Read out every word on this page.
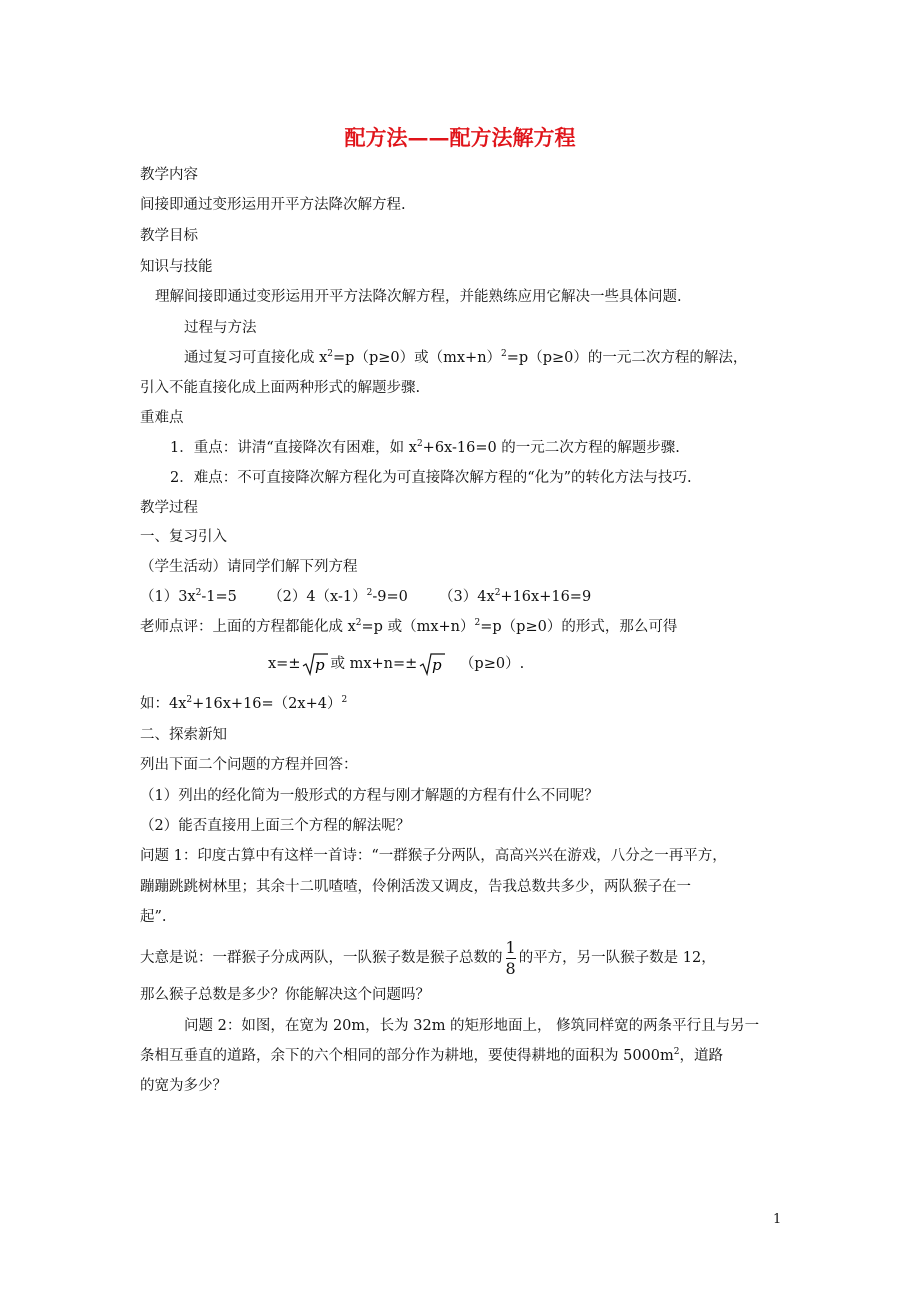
配方法——配方法解方程
教学内容
间接即通过变形运用开平方法降次解方程.
教学目标
知识与技能
理解间接即通过变形运用开平方法降次解方程，并能熟练应用它解决一些具体问题.
过程与方法
通过复习可直接化成 $x^2=p(p\ge 0)$或$(mx+n)^2=p(p\ge 0)$的一元二次方程的解法，
引入不能直接化成上面两种形式的解题步骤.
重难点
1．重点：讲清“直接降次有困难，如 $x^2+6x-16=0$ 的一元二次方程的解题步骤.
2．难点：不可直接降次解方程化为可直接降次解方程的“化为”的转化方法与技巧.
教学过程
一、复习引入
（学生活动）请同学们解下列方程
$(1)3x^2-1=5$ $(2)4(x-1)^2-9=0$ $(3)4x^2+16x+16=9$
老师点评：上面的方程都能化成 $x^2=p$ 或$(mx+n)^2=p(p\ge 0)$的形式，那么可得
x=± p 或 mx+n=± p （p≥0）.
如：$4x^2+16x+16=(2x+4)^2$
二、探索新知
列出下面二个问题的方程并回答：
（1）列出的经化简为一般形式的方程与刚才解题的方程有什么不同呢？
（2）能否直接用上面三个方程的解法呢？
问题 1：印度古算中有这样一首诗：“一群猴子分两队，高高兴兴在游戏，八分之一再平方，
蹦蹦跳跳树林里；其余十二叽喳喳，伶俐活泼又调皮，告我总数共多少，两队猴子在一
起”.
大意是说：一群猴子分成两队，一队猴子数是猴子总数的 $\frac{1}{8}$ 的平方，另一队猴子数是 12，
那么猴子总数是多少？你能解决这个问题吗？
问题 2：如图，在宽为 20m，长为 32m 的矩形地面上， 修筑同样宽的两条平行且与另一
条相互垂直的道路，余下的六个相同的部分作为耕地，要使得耕地的面积为 $5000m^2$，道路
的宽为多少？
1
